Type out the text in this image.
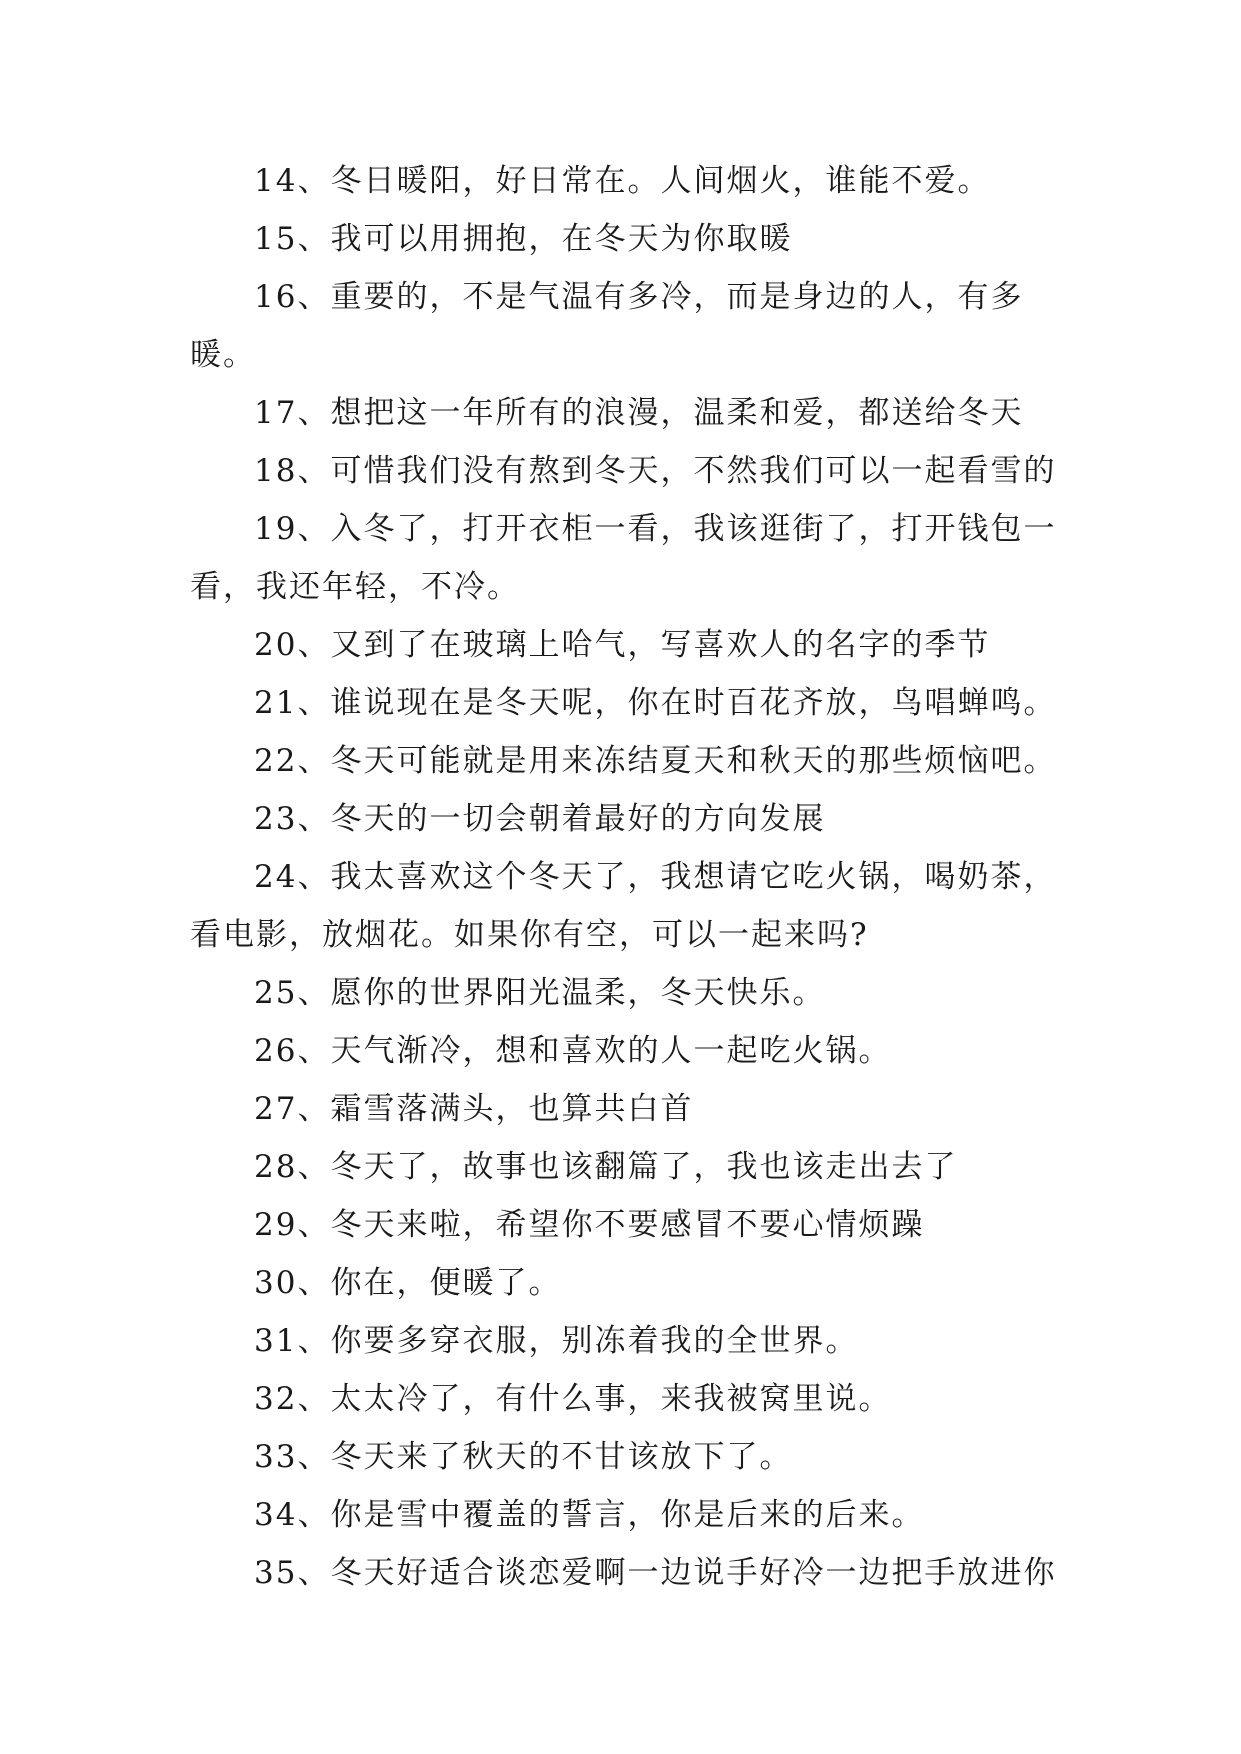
14、冬日暖阳，好日常在。人间烟火，谁能不爱。

15、我可以用拥抱，在冬天为你取暖

16、重要的，不是气温有多冷，而是身边的人，有多暖。

17、想把这一年所有的浪漫，温柔和爱，都送给冬天

18、可惜我们没有熬到冬天，不然我们可以一起看雪的

19、入冬了，打开衣柜一看，我该逛街了，打开钱包一看，我还年轻，不冷。

20、又到了在玻璃上哈气，写喜欢人的名字的季节

21、谁说现在是冬天呢，你在时百花齐放，鸟唱蝉鸣。

22、冬天可能就是用来冻结夏天和秋天的那些烦恼吧。

23、冬天的一切会朝着最好的方向发展

24、我太喜欢这个冬天了，我想请它吃火锅，喝奶茶，看电影，放烟花。如果你有空，可以一起来吗?

25、愿你的世界阳光温柔，冬天快乐。

26、天气渐冷，想和喜欢的人一起吃火锅。

27、霜雪落满头，也算共白首

28、冬天了，故事也该翻篇了，我也该走出去了

29、冬天来啦，希望你不要感冒不要心情烦躁

30、你在，便暖了。

31、你要多穿衣服，别冻着我的全世界。

32、太太冷了，有什么事，来我被窝里说。

33、冬天来了秋天的不甘该放下了。

34、你是雪中覆盖的誓言，你是后来的后来。

35、冬天好适合谈恋爱啊一边说手好冷一边把手放进你
